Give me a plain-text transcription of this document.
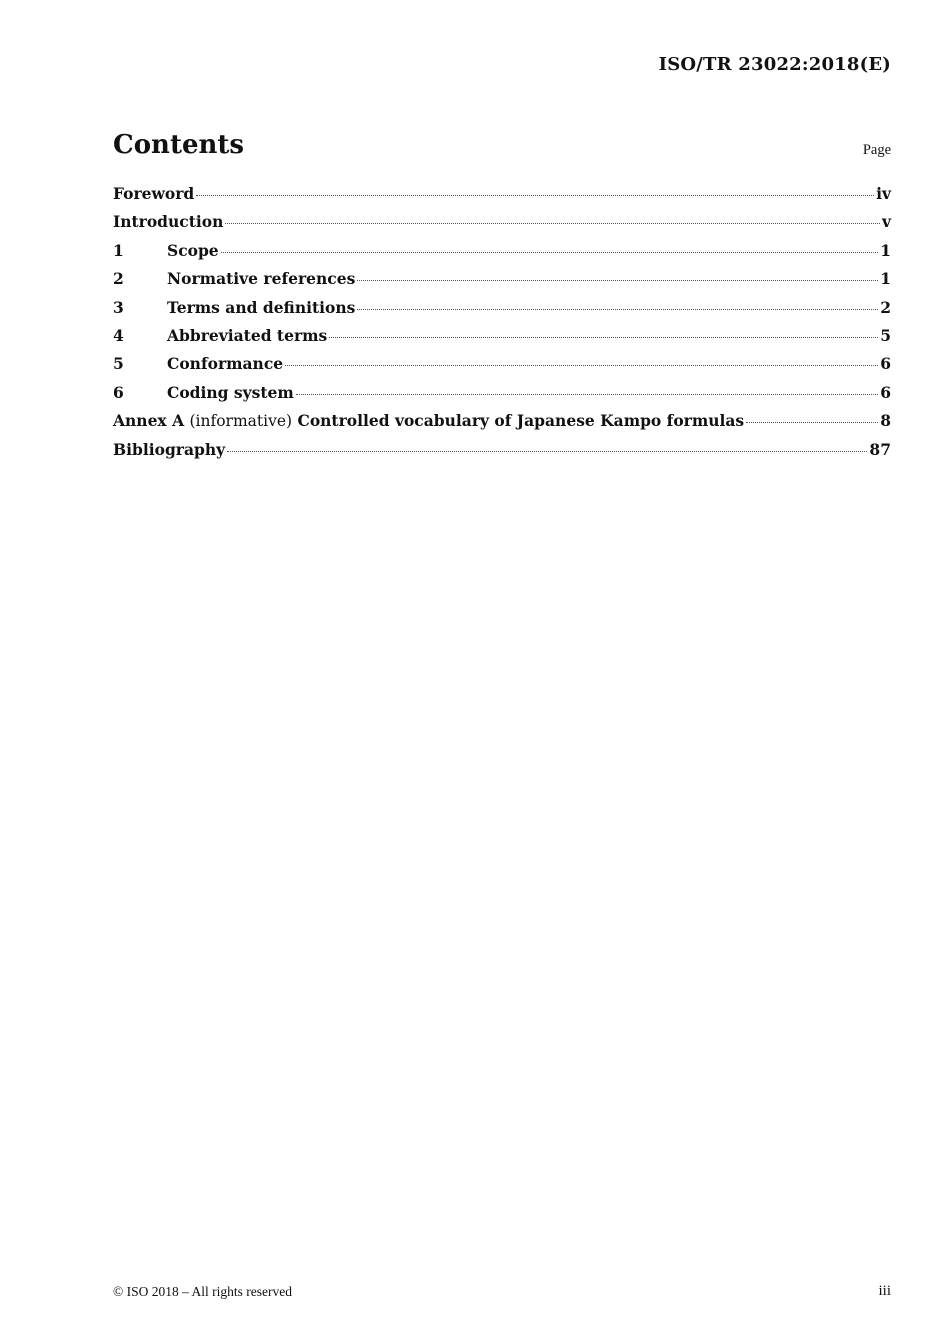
ISO/TR 23022:2018(E)
Contents	Page
Foreword	iv
Introduction	v
1	Scope	1
2	Normative references	1
3	Terms and definitions	2
4	Abbreviated terms	5
5	Conformance	6
6	Coding system	6
Annex A (informative) Controlled vocabulary of Japanese Kampo formulas	8
Bibliography	87
© ISO 2018 – All rights reserved	iii
